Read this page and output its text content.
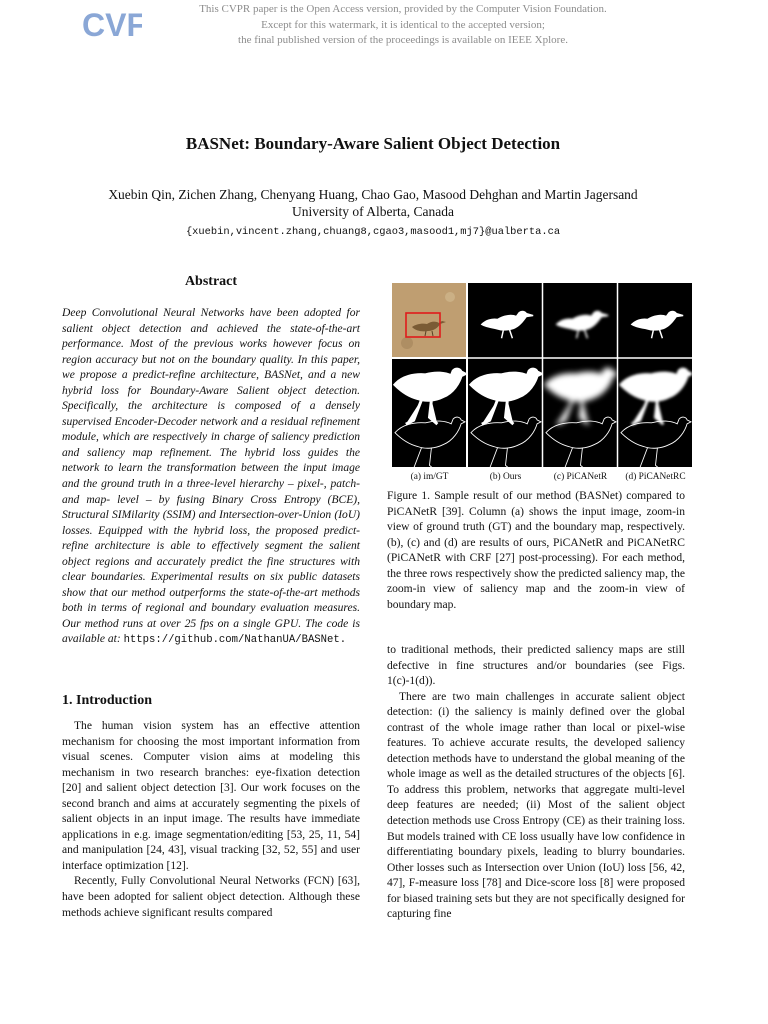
CVF	This CVPR paper is the Open Access version, provided by the Computer Vision Foundation.
Except for this watermark, it is identical to the accepted version;
the final published version of the proceedings is available on IEEE Xplore.
BASNet: Boundary-Aware Salient Object Detection
Xuebin Qin, Zichen Zhang, Chenyang Huang, Chao Gao, Masood Dehghan and Martin Jagersand
University of Alberta, Canada
{xuebin,vincent.zhang,chuang8,cgao3,masood1,mj7}@ualberta.ca
Abstract
Deep Convolutional Neural Networks have been adopted for salient object detection and achieved the state-of-the-art performance. Most of the previous works however focus on region accuracy but not on the boundary quality. In this paper, we propose a predict-refine architecture, BASNet, and a new hybrid loss for Boundary-Aware Salient object detection. Specifically, the architecture is composed of a densely supervised Encoder-Decoder network and a residual refinement module, which are respectively in charge of saliency prediction and saliency map refinement. The hybrid loss guides the network to learn the transformation between the input image and the ground truth in a three-level hierarchy – pixel-, patch- and map- level – by fusing Binary Cross Entropy (BCE), Structural SIMilarity (SSIM) and Intersection-over-Union (IoU) losses. Equipped with the hybrid loss, the proposed predict-refine architecture is able to effectively segment the salient object regions and accurately predict the fine structures with clear boundaries. Experimental results on six public datasets show that our method outperforms the state-of-the-art methods both in terms of regional and boundary evaluation measures. Our method runs at over 25 fps on a single GPU. The code is available at: https://github.com/NathanUA/BASNet.
1. Introduction

The human vision system has an effective attention mechanism for choosing the most important information from visual scenes. Computer vision aims at modeling this mechanism in two research branches: eye-fixation detection [20] and salient object detection [3]. Our work focuses on the second branch and aims at accurately segmenting the pixels of salient objects in an input image. The results have immediate applications in e.g. image segmentation/editing [53, 25, 11, 54] and manipulation [24, 43], visual tracking [32, 52, 55] and user interface optimization [12].

Recently, Fully Convolutional Neural Networks (FCN) [63], have been adopted for salient object detection. Although these methods achieve significant results compared

(a) im/GT	(b) Ours	(c) PiCANetR	(d) PiCANetRC
Figure 1. Sample result of our method (BASNet) compared to PiCANetR [39]. Column (a) shows the input image, zoom-in view of ground truth (GT) and the boundary map, respectively. (b), (c) and (d) are results of ours, PiCANetR and PiCANetRC (PiCANetR with CRF [27] post-processing). For each method, the three rows respectively show the predicted saliency map, the zoom-in view of saliency map and the zoom-in view of boundary map.

to traditional methods, their predicted saliency maps are still defective in fine structures and/or boundaries (see Figs. 1(c)-1(d)).

There are two main challenges in accurate salient object detection: (i) the saliency is mainly defined over the global contrast of the whole image rather than local or pixel-wise features. To achieve accurate results, the developed saliency detection methods have to understand the global meaning of the whole image as well as the detailed structures of the objects [6]. To address this problem, networks that aggregate multi-level deep features are needed; (ii) Most of the salient object detection methods use Cross Entropy (CE) as their training loss. But models trained with CE loss usually have low confidence in differentiating boundary pixels, leading to blurry boundaries. Other losses such as Intersection over Union (IoU) loss [56, 42, 47], F-measure loss [78] and Dice-score loss [8] were proposed for biased training sets but they are not specifically designed for capturing fine
